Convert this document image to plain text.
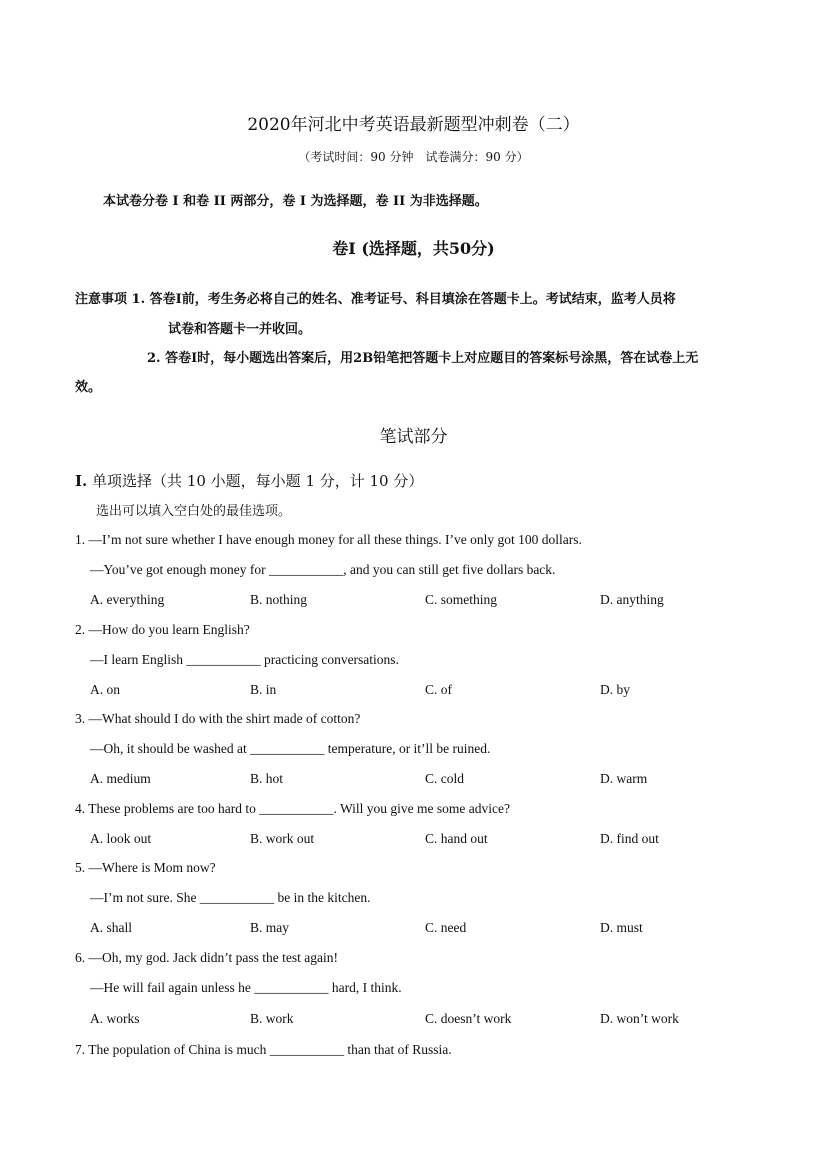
2020年河北中考英语最新题型冲刺卷（二）
（考试时间：90 分钟　试卷满分：90 分）
本试卷分卷 I 和卷 II 两部分，卷 I 为选择题，卷 II 为非选择题。
卷I (选择题，共50分)
注意事项 1. 答卷I前，考生务必将自己的姓名、准考证号、科目填涂在答题卡上。考试结束，监考人员将
试卷和答题卡一并收回。
2. 答卷I时，每小题选出答案后，用2B铅笔把答题卡上对应题目的答案标号涂黑，答在试卷上无
效。
笔试部分
I. 单项选择（共 10 小题，每小题 1 分，计 10 分）
选出可以填入空白处的最佳选项。
1. —I’m not sure whether I have enough money for all these things. I’ve only got 100 dollars.
—You’ve got enough money for ___________, and you can still get five dollars back.
A. everything	B. nothing	C. something	D. anything
2. —How do you learn English?
—I learn English ___________ practicing conversations.
A. on	B. in	C. of	D. by
3. —What should I do with the shirt made of cotton?
—Oh, it should be washed at ___________ temperature, or it’ll be ruined.
A. medium	B. hot	C. cold	D. warm
4. These problems are too hard to ___________. Will you give me some advice?
A. look out	B. work out	C. hand out	D. find out
5. —Where is Mom now?
—I’m not sure. She ___________ be in the kitchen.
A. shall	B. may	C. need	D. must
6. —Oh, my god. Jack didn’t pass the test again!
—He will fail again unless he ___________ hard, I think.
A. works	B. work	C. doesn’t work	D. won’t work
7. The population of China is much ___________ than that of Russia.
